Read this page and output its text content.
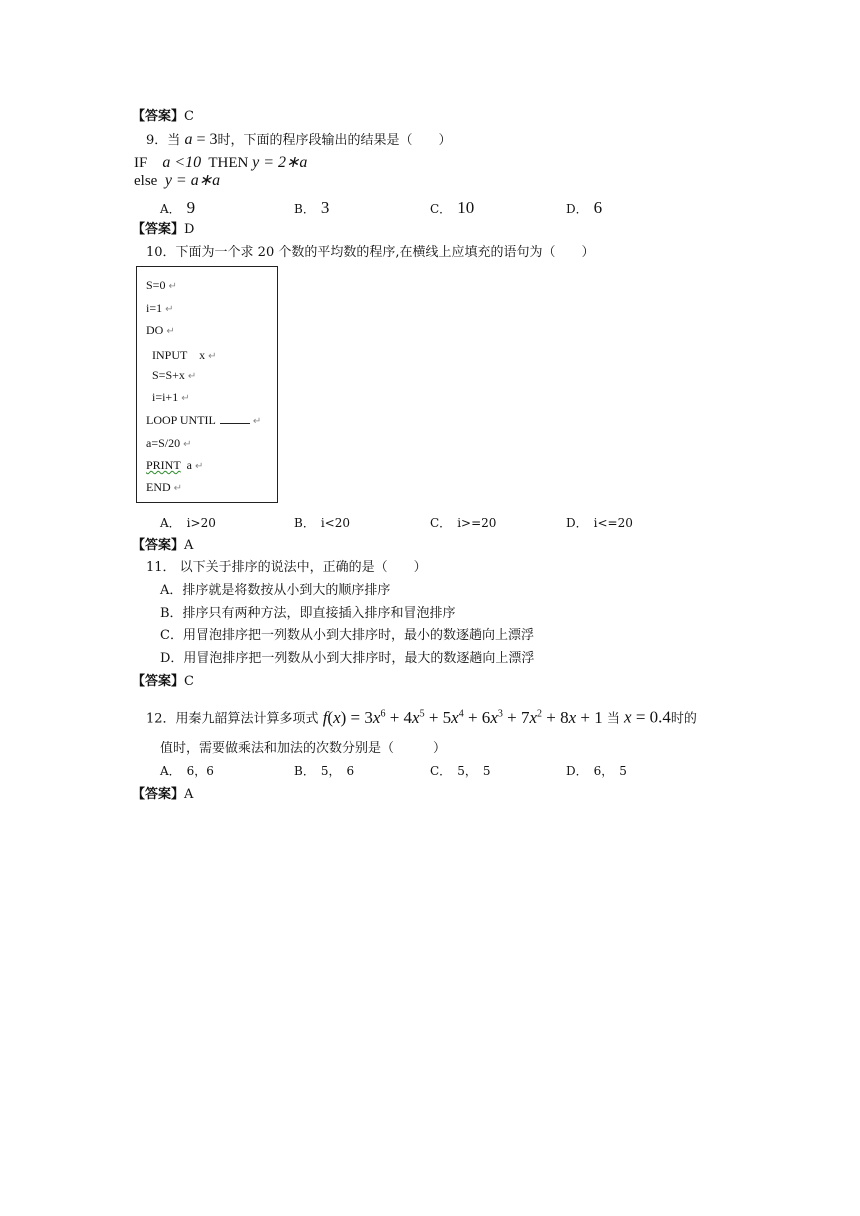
【答案】C
9．当 a = 3时，下面的程序段输出的结果是（　　）
IF a <10 THEN y = 2∗a
else y = a∗a
A． 9	B． 3	C． 10	D． 6
【答案】D
10．下面为一个求 20 个数的平均数的程序,在横线上应填充的语句为（　　）
S=0 ↵
i=1 ↵
DO ↵
INPUT　x ↵
S=S+x ↵
i=i+1 ↵
LOOP UNTIL	↵
a=S/20 ↵
PRINT a ↵
END ↵
A． i>20	B． i<20	C． i>=20	D． i<=20
【答案】A
11． 以下关于排序的说法中，正确的是（　　）
A．排序就是将数按从小到大的顺序排序
B．排序只有两种方法，即直接插入排序和冒泡排序
C．用冒泡排序把一列数从小到大排序时，最小的数逐趟向上漂浮
D．用冒泡排序把一列数从小到大排序时，最大的数逐趟向上漂浮
【答案】C
12．用秦九韶算法计算多项式 $f(x) = 3x^6 + 4x^5 + 5x^4 + 6x^3 + 7x^2 + 8x + 1$ 当 x = 0.4时的
值时，需要做乘法和加法的次数分别是（　　　）
A． 6，6	B． 5，　6	C． 5，　5	D． 6，　5
【答案】A
